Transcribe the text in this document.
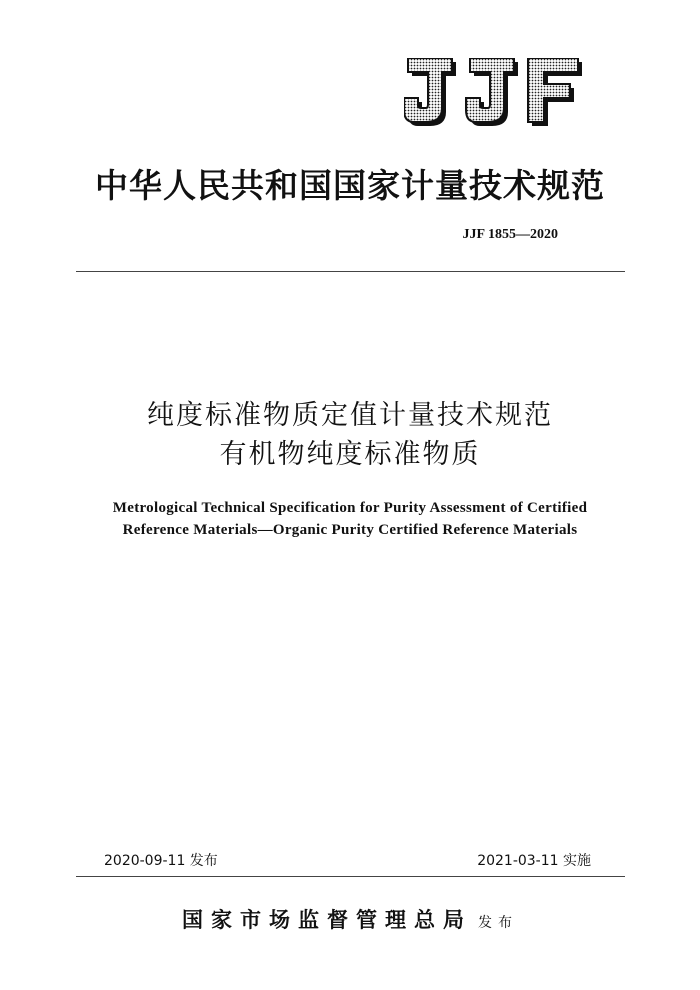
中华人民共和国国家计量技术规范
JJF 1855—2020
纯度标准物质定值计量技术规范
有机物纯度标准物质
Metrological Technical Specification for Purity Assessment of Certified
Reference Materials—Organic Purity Certified Reference Materials
2020-09-11 发布	2021-03-11 实施
国家市场监督管理总局 发布
